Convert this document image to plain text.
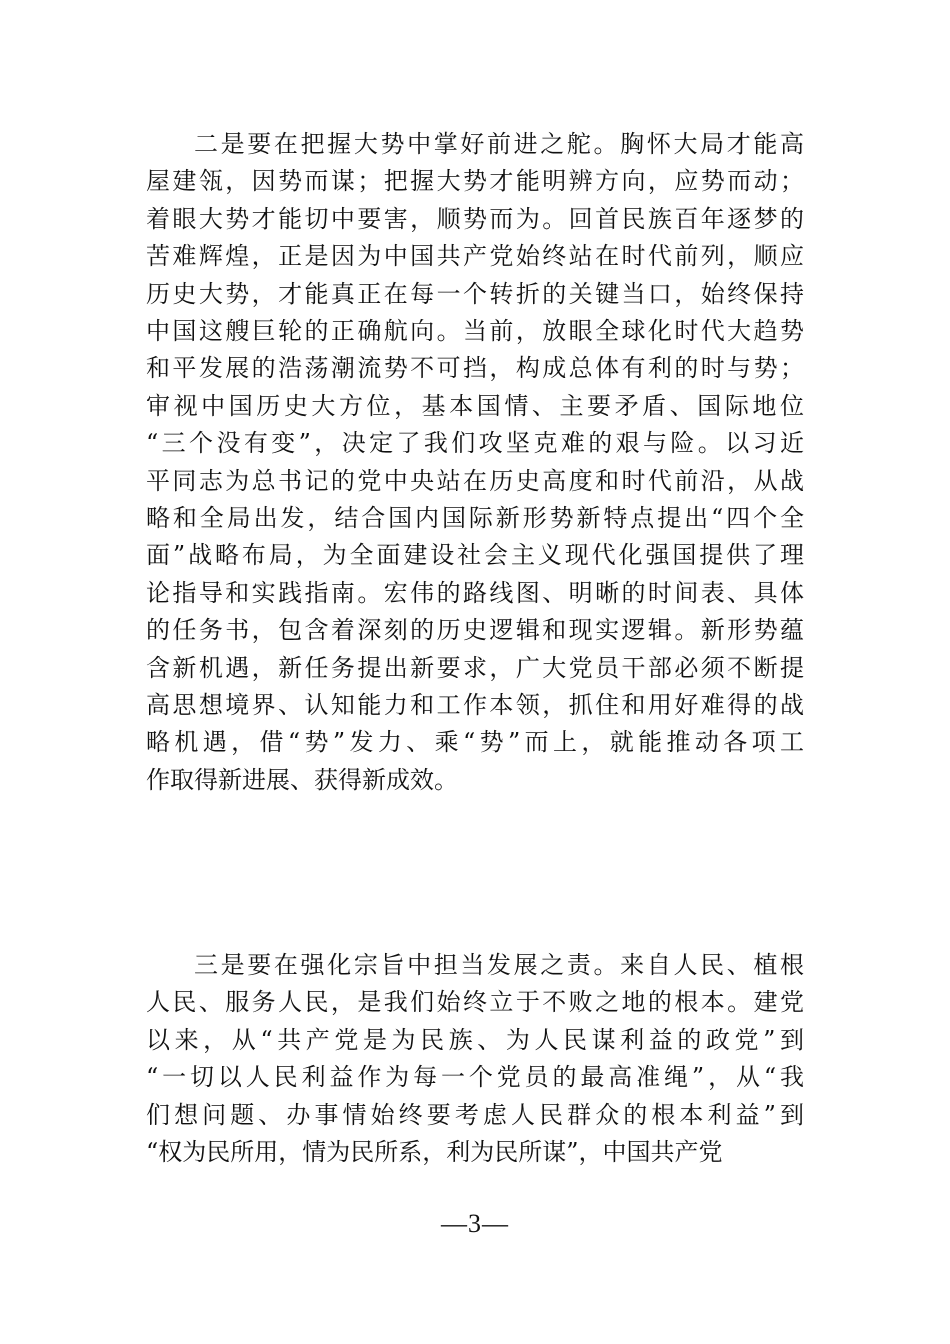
二是要在把握大势中掌好前进之舵。胸怀大局才能高
屋建瓴，因势而谋；把握大势才能明辨方向，应势而动；
着眼大势才能切中要害，顺势而为。回首民族百年逐梦的
苦难辉煌，正是因为中国共产党始终站在时代前列，顺应
历史大势，才能真正在每一个转折的关键当口，始终保持
中国这艘巨轮的正确航向。当前，放眼全球化时代大趋势
和平发展的浩荡潮流势不可挡，构成总体有利的时与势；
审视中国历史大方位，基本国情、主要矛盾、国际地位
“三个没有变”，决定了我们攻坚克难的艰与险。以习近
平同志为总书记的党中央站在历史高度和时代前沿，从战
略和全局出发，结合国内国际新形势新特点提出“四个全
面”战略布局，为全面建设社会主义现代化强国提供了理
论指导和实践指南。宏伟的路线图、明晰的时间表、具体
的任务书，包含着深刻的历史逻辑和现实逻辑。新形势蕴
含新机遇，新任务提出新要求，广大党员干部必须不断提
高思想境界、认知能力和工作本领，抓住和用好难得的战
略机遇，借“势”发力、乘“势”而上，就能推动各项工
作取得新进展、获得新成效。
三是要在强化宗旨中担当发展之责。来自人民、植根
人民、服务人民，是我们始终立于不败之地的根本。建党
以来，从“共产党是为民族、为人民谋利益的政党”到
“一切以人民利益作为每一个党员的最高准绳”，从“我
们想问题、办事情始终要考虑人民群众的根本利益”到
“权为民所用，情为民所系，利为民所谋”，中国共产党
—3—
